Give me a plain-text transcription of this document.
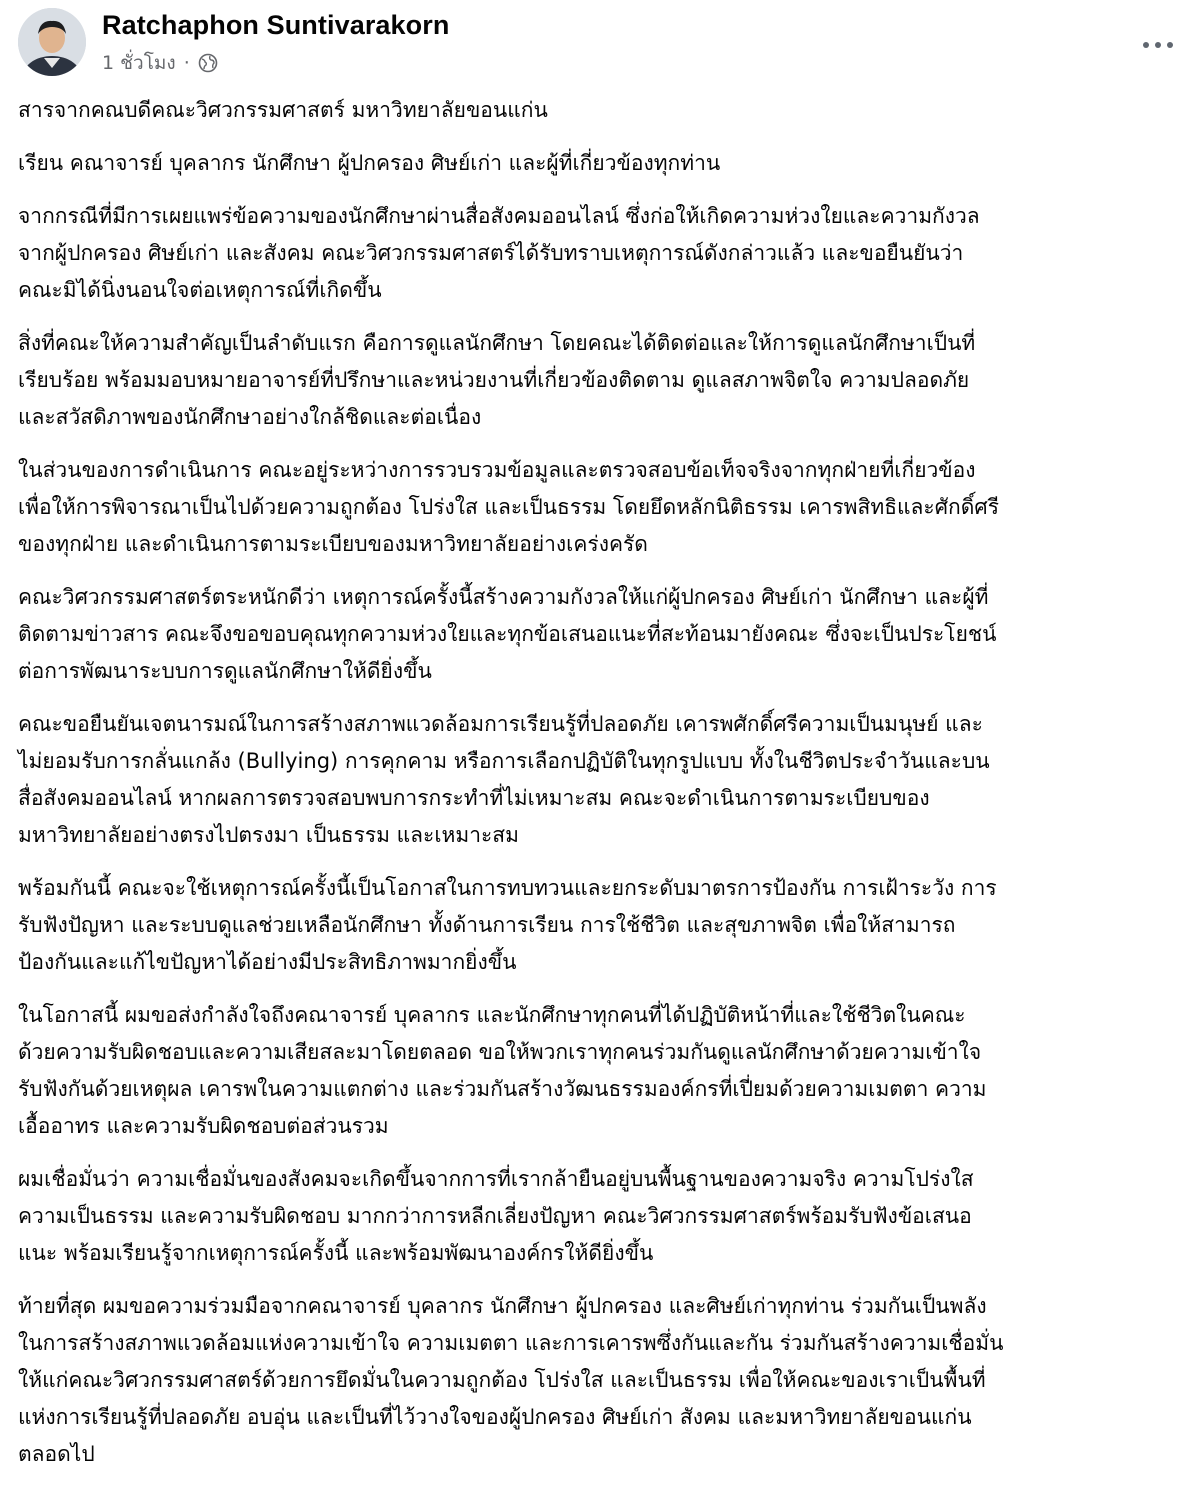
Ratchaphon Suntivarakorn
1 ชั่วโมง ·

สารจากคณบดีคณะวิศวกรรมศาสตร์ มหาวิทยาลัยขอนแก่น

เรียน คณาจารย์ บุคลากร นักศึกษา ผู้ปกครอง ศิษย์เก่า และผู้ที่เกี่ยวข้องทุกท่าน

จากกรณีที่มีการเผยแพร่ข้อความของนักศึกษาผ่านสื่อสังคมออนไลน์ ซึ่งก่อให้เกิดความห่วงใยและความกังวล
จากผู้ปกครอง ศิษย์เก่า และสังคม คณะวิศวกรรมศาสตร์ได้รับทราบเหตุการณ์ดังกล่าวแล้ว และขอยืนยันว่า
คณะมิได้นิ่งนอนใจต่อเหตุการณ์ที่เกิดขึ้น

สิ่งที่คณะให้ความสำคัญเป็นลำดับแรก คือการดูแลนักศึกษา โดยคณะได้ติดต่อและให้การดูแลนักศึกษาเป็นที่
เรียบร้อย พร้อมมอบหมายอาจารย์ที่ปรึกษาและหน่วยงานที่เกี่ยวข้องติดตาม ดูแลสภาพจิตใจ ความปลอดภัย
และสวัสดิภาพของนักศึกษาอย่างใกล้ชิดและต่อเนื่อง

ในส่วนของการดำเนินการ คณะอยู่ระหว่างการรวบรวมข้อมูลและตรวจสอบข้อเท็จจริงจากทุกฝ่ายที่เกี่ยวข้อง
เพื่อให้การพิจารณาเป็นไปด้วยความถูกต้อง โปร่งใส และเป็นธรรม โดยยึดหลักนิติธรรม เคารพสิทธิและศักดิ์ศรี
ของทุกฝ่าย และดำเนินการตามระเบียบของมหาวิทยาลัยอย่างเคร่งครัด

คณะวิศวกรรมศาสตร์ตระหนักดีว่า เหตุการณ์ครั้งนี้สร้างความกังวลให้แก่ผู้ปกครอง ศิษย์เก่า นักศึกษา และผู้ที่
ติดตามข่าวสาร คณะจึงขอขอบคุณทุกความห่วงใยและทุกข้อเสนอแนะที่สะท้อนมายังคณะ ซึ่งจะเป็นประโยชน์
ต่อการพัฒนาระบบการดูแลนักศึกษาให้ดียิ่งขึ้น

คณะขอยืนยันเจตนารมณ์ในการสร้างสภาพแวดล้อมการเรียนรู้ที่ปลอดภัย เคารพศักดิ์ศรีความเป็นมนุษย์ และ
ไม่ยอมรับการกลั่นแกล้ง (Bullying) การคุกคาม หรือการเลือกปฏิบัติในทุกรูปแบบ ทั้งในชีวิตประจำวันและบน
สื่อสังคมออนไลน์ หากผลการตรวจสอบพบการกระทำที่ไม่เหมาะสม คณะจะดำเนินการตามระเบียบของ
มหาวิทยาลัยอย่างตรงไปตรงมา เป็นธรรม และเหมาะสม

พร้อมกันนี้ คณะจะใช้เหตุการณ์ครั้งนี้เป็นโอกาสในการทบทวนและยกระดับมาตรการป้องกัน การเฝ้าระวัง การ
รับฟังปัญหา และระบบดูแลช่วยเหลือนักศึกษา ทั้งด้านการเรียน การใช้ชีวิต และสุขภาพจิต เพื่อให้สามารถ
ป้องกันและแก้ไขปัญหาได้อย่างมีประสิทธิภาพมากยิ่งขึ้น

ในโอกาสนี้ ผมขอส่งกำลังใจถึงคณาจารย์ บุคลากร และนักศึกษาทุกคนที่ได้ปฏิบัติหน้าที่และใช้ชีวิตในคณะ
ด้วยความรับผิดชอบและความเสียสละมาโดยตลอด ขอให้พวกเราทุกคนร่วมกันดูแลนักศึกษาด้วยความเข้าใจ
รับฟังกันด้วยเหตุผล เคารพในความแตกต่าง และร่วมกันสร้างวัฒนธรรมองค์กรที่เปี่ยมด้วยความเมตตา ความ
เอื้ออาทร และความรับผิดชอบต่อส่วนรวม

ผมเชื่อมั่นว่า ความเชื่อมั่นของสังคมจะเกิดขึ้นจากการที่เรากล้ายืนอยู่บนพื้นฐานของความจริง ความโปร่งใส
ความเป็นธรรม และความรับผิดชอบ มากกว่าการหลีกเลี่ยงปัญหา คณะวิศวกรรมศาสตร์พร้อมรับฟังข้อเสนอ
แนะ พร้อมเรียนรู้จากเหตุการณ์ครั้งนี้ และพร้อมพัฒนาองค์กรให้ดียิ่งขึ้น

ท้ายที่สุด ผมขอความร่วมมือจากคณาจารย์ บุคลากร นักศึกษา ผู้ปกครอง และศิษย์เก่าทุกท่าน ร่วมกันเป็นพลัง
ในการสร้างสภาพแวดล้อมแห่งความเข้าใจ ความเมตตา และการเคารพซึ่งกันและกัน ร่วมกันสร้างความเชื่อมั่น
ให้แก่คณะวิศวกรรมศาสตร์ด้วยการยึดมั่นในความถูกต้อง โปร่งใส และเป็นธรรม เพื่อให้คณะของเราเป็นพื้นที่
แห่งการเรียนรู้ที่ปลอดภัย อบอุ่น และเป็นที่ไว้วางใจของผู้ปกครอง ศิษย์เก่า สังคม และมหาวิทยาลัยขอนแก่น
ตลอดไป
